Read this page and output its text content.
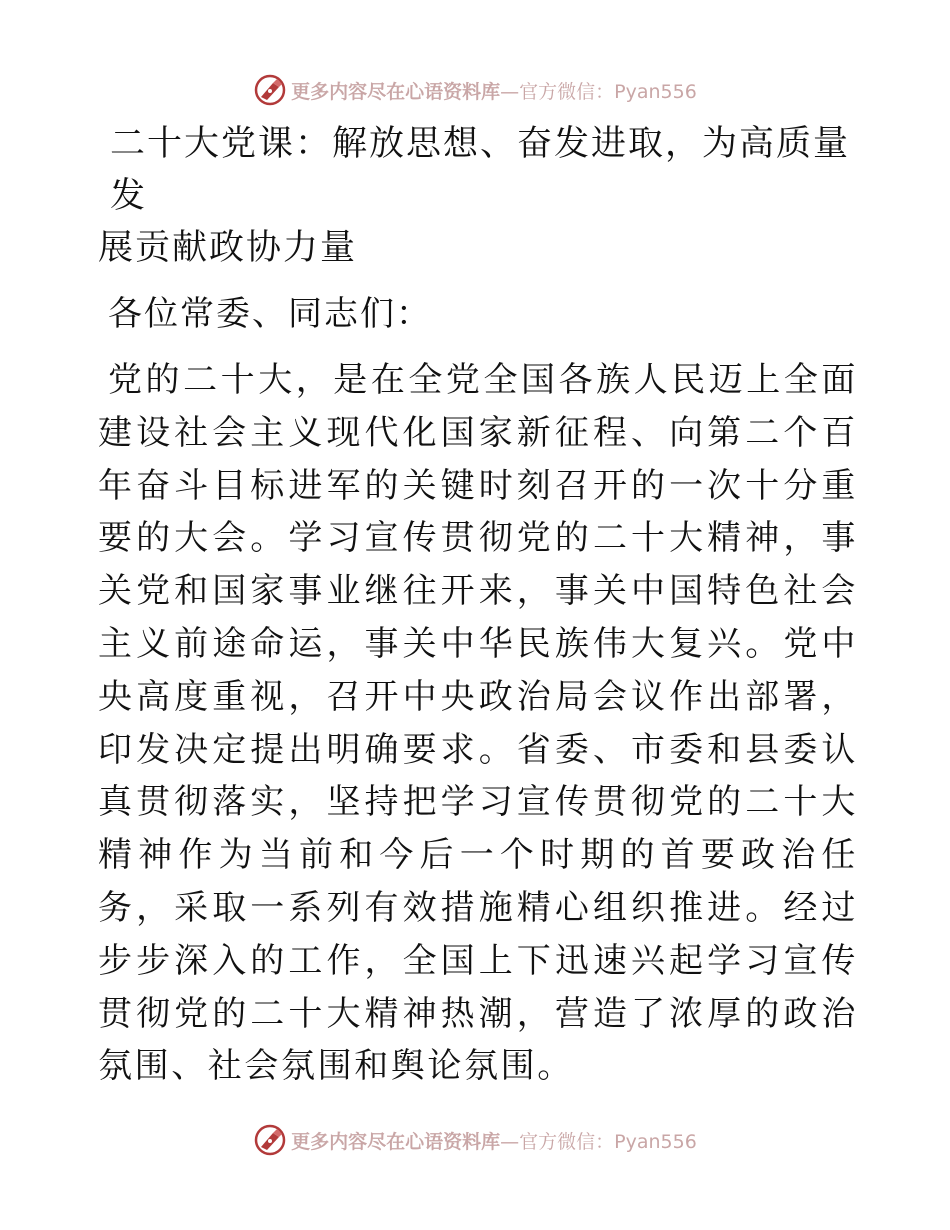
更多内容尽在心语资料库—官方微信：Pyan556
二十大党课：解放思想、奋发进取，为高质量发
展贡献政协力量

各位常委、同志们：

党的二十大，是在全党全国各族人民迈上全面建设社会主义现代化国家新征程、向第二个百年奋斗目标进军的关键时刻召开的一次十分重要的大会。学习宣传贯彻党的二十大精神，事关党和国家事业继往开来，事关中国特色社会主义前途命运，事关中华民族伟大复兴。党中央高度重视，召开中央政治局会议作出部署，印发决定提出明确要求。省委、市委和县委认真贯彻落实，坚持把学习宣传贯彻党的二十大精神作为当前和今后一个时期的首要政治任务，采取一系列有效措施精心组织推进。经过步步深入的工作，全国上下迅速兴起学习宣传贯彻党的二十大精神热潮，营造了浓厚的政治氛围、社会氛围和舆论氛围。

更多内容尽在心语资料库—官方微信：Pyan556
